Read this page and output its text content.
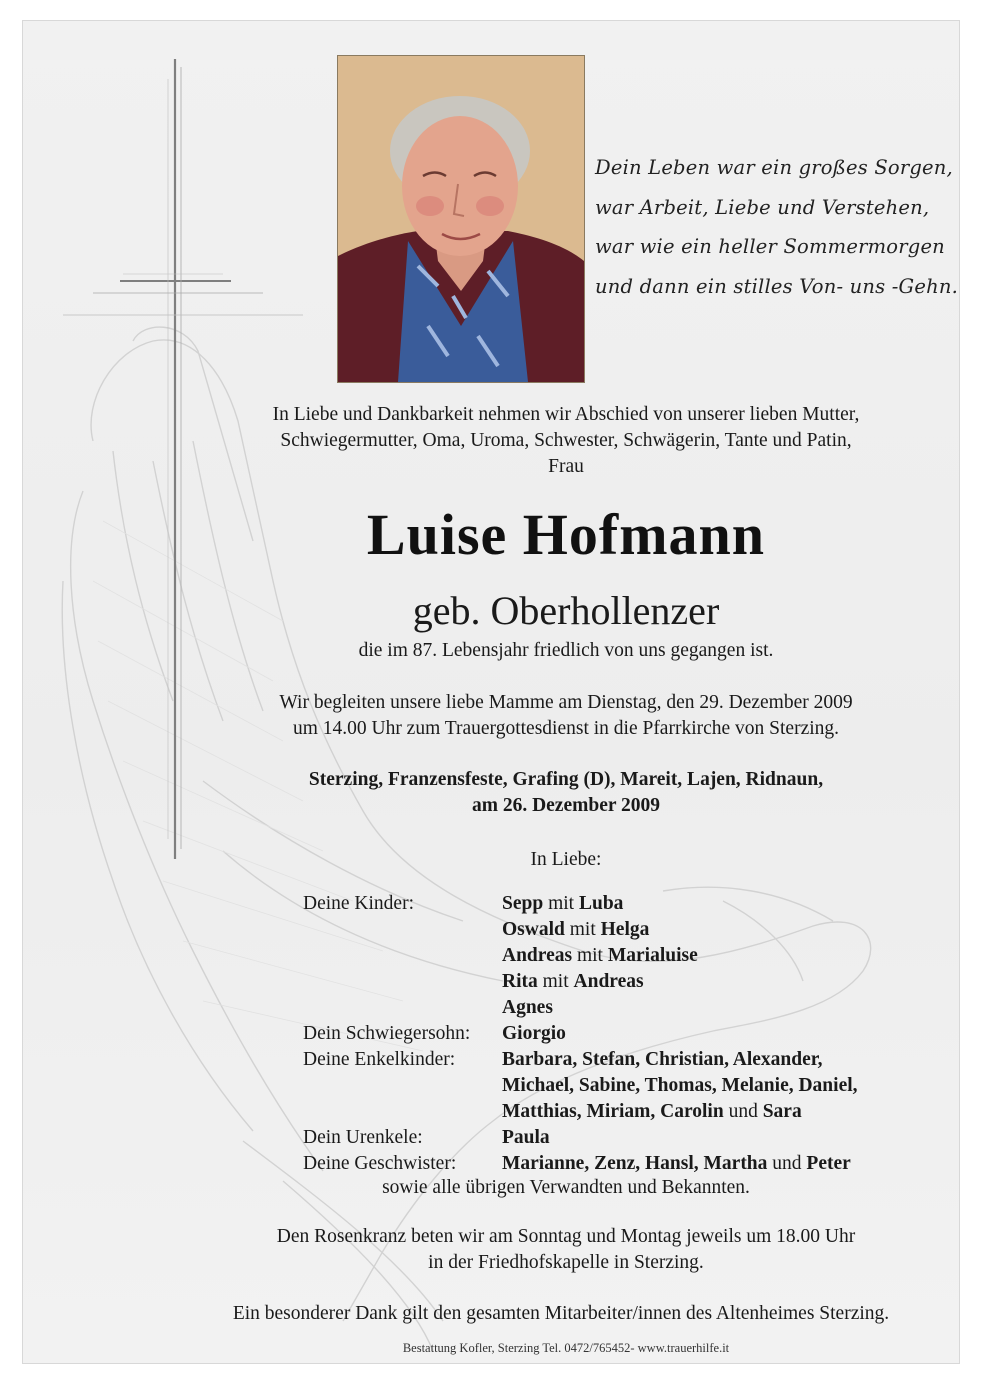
Dein Leben war ein großes Sorgen,
war Arbeit, Liebe und Verstehen,
war wie ein heller Sommermorgen
und dann ein stilles Von- uns -Gehn.
In Liebe und Dankbarkeit nehmen wir Abschied von unserer lieben Mutter,
Schwiegermutter, Oma, Uroma, Schwester, Schwägerin, Tante und Patin,
Frau
Luise Hofmann
geb. Oberhollenzer
die im 87. Lebensjahr friedlich von uns gegangen ist.
Wir begleiten unsere liebe Mamme am Dienstag, den 29. Dezember 2009
um 14.00 Uhr zum Trauergottesdienst in die Pfarrkirche von Sterzing.
Sterzing, Franzensfeste, Grafing (D), Mareit, Lajen, Ridnaun,
am 26. Dezember 2009
In Liebe:
Deine Kinder:	Sepp mit Luba
Oswald mit Helga
Andreas mit Marialuise
Rita mit Andreas
Agnes
Dein Schwiegersohn: Giorgio
Deine Enkelkinder: Barbara, Stefan, Christian, Alexander,
Michael, Sabine, Thomas, Melanie, Daniel,
Matthias, Miriam, Carolin und Sara
Dein Urenkele:	Paula
Deine Geschwister: Marianne, Zenz, Hansl, Martha und Peter
sowie alle übrigen Verwandten und Bekannten.
Den Rosenkranz beten wir am Sonntag und Montag jeweils um 18.00 Uhr
in der Friedhofskapelle in Sterzing.
Ein besonderer Dank gilt den gesamten Mitarbeiter/innen des Altenheimes Sterzing.
Bestattung Kofler, Sterzing Tel. 0472/765452- www.trauerhilfe.it
